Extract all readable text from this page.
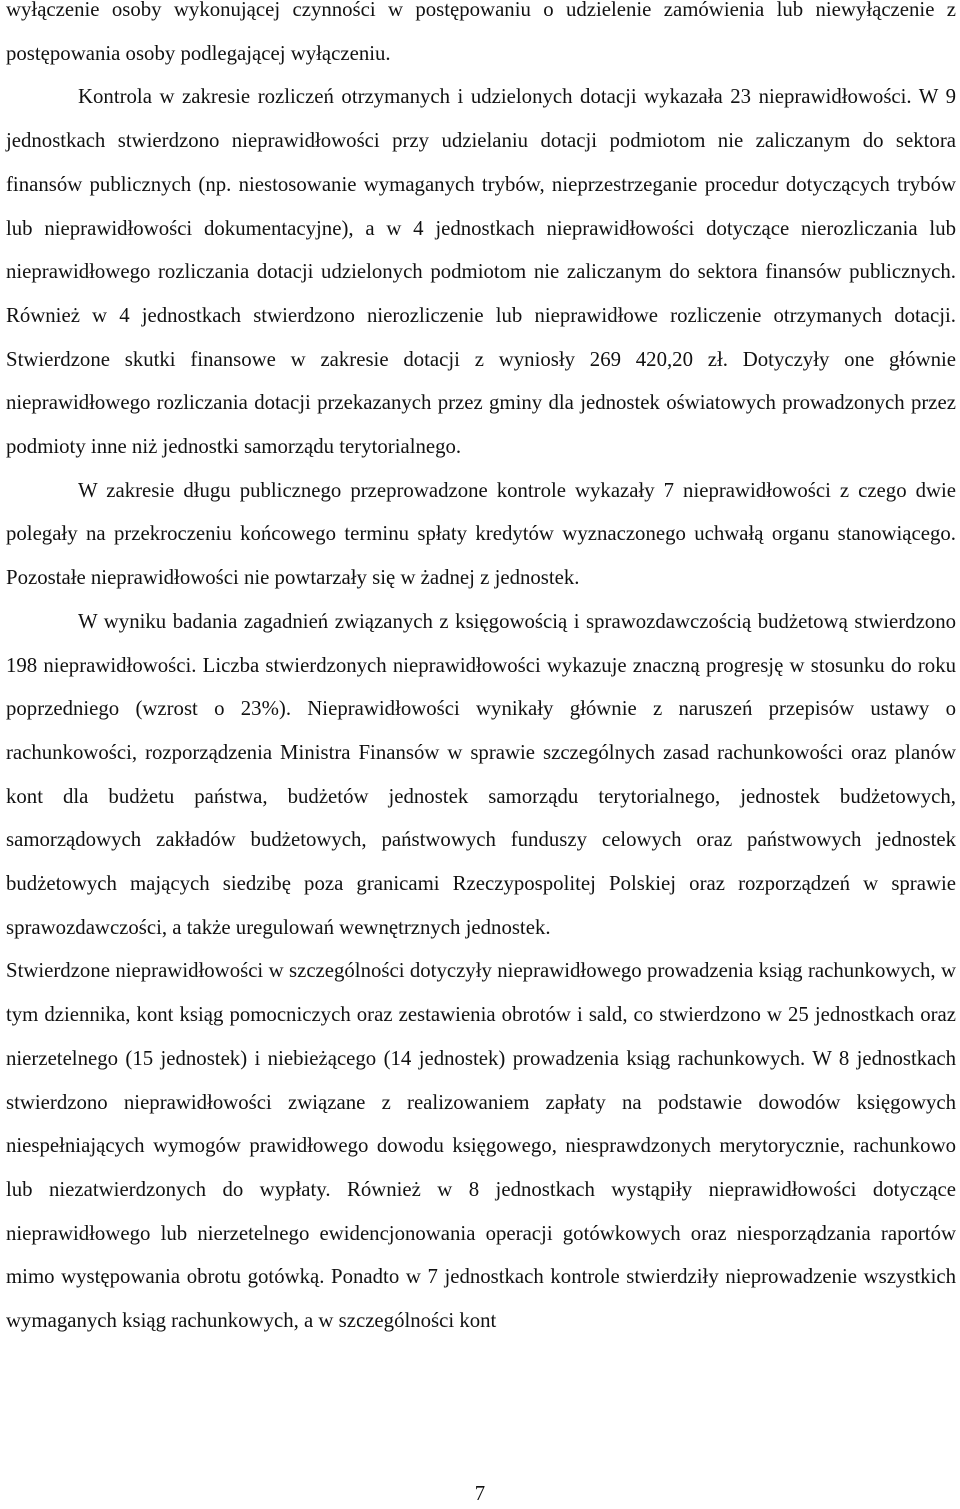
wyłączenie osoby wykonującej czynności w postępowaniu o udzielenie zamówienia lub niewyłączenie z postępowania osoby podlegającej wyłączeniu.

Kontrola w zakresie rozliczeń otrzymanych i udzielonych dotacji wykazała 23 nieprawidłowości. W 9 jednostkach stwierdzono nieprawidłowości przy udzielaniu dotacji podmiotom nie zaliczanym do sektora finansów publicznych (np. niestosowanie wymaganych trybów, nieprzestrzeganie procedur dotyczących trybów lub nieprawidłowości dokumentacyjne), a w 4 jednostkach nieprawidłowości dotyczące nierozliczania lub nieprawidłowego rozliczania dotacji udzielonych podmiotom nie zaliczanym do sektora finansów publicznych. Również w 4 jednostkach stwierdzono nierozliczenie lub nieprawidłowe rozliczenie otrzymanych dotacji. Stwierdzone skutki finansowe w zakresie dotacji z wyniosły 269 420,20 zł. Dotyczyły one głównie nieprawidłowego rozliczania dotacji przekazanych przez gminy dla jednostek oświatowych prowadzonych przez podmioty inne niż jednostki samorządu terytorialnego.

W zakresie długu publicznego przeprowadzone kontrole wykazały 7 nieprawidłowości z czego dwie polegały na przekroczeniu końcowego terminu spłaty kredytów wyznaczonego uchwałą organu stanowiącego. Pozostałe nieprawidłowości nie powtarzały się w żadnej z jednostek.

W wyniku badania zagadnień związanych z księgowością i sprawozdawczością budżetową stwierdzono 198 nieprawidłowości. Liczba stwierdzonych nieprawidłowości wykazuje znaczną progresję w stosunku do roku poprzedniego (wzrost o 23%). Nieprawidłowości wynikały głównie z naruszeń przepisów ustawy o rachunkowości, rozporządzenia Ministra Finansów w sprawie szczególnych zasad rachunkowości oraz planów kont dla budżetu państwa, budżetów jednostek samorządu terytorialnego, jednostek budżetowych, samorządowych zakładów budżetowych, państwowych funduszy celowych oraz państwowych jednostek budżetowych mających siedzibę poza granicami Rzeczypospolitej Polskiej oraz rozporządzeń w sprawie sprawozdawczości, a także uregulowań wewnętrznych jednostek.

Stwierdzone nieprawidłowości w szczególności dotyczyły nieprawidłowego prowadzenia ksiąg rachunkowych, w tym dziennika, kont ksiąg pomocniczych oraz zestawienia obrotów i sald, co stwierdzono w 25 jednostkach oraz nierzetelnego (15 jednostek) i niebieżącego (14 jednostek) prowadzenia ksiąg rachunkowych. W 8 jednostkach stwierdzono nieprawidłowości związane z realizowaniem zapłaty na podstawie dowodów księgowych niespełniających wymogów prawidłowego dowodu księgowego, niesprawdzonych merytorycznie, rachunkowo lub niezatwierdzonych do wypłaty. Również w 8 jednostkach wystąpiły nieprawidłowości dotyczące nieprawidłowego lub nierzetelnego ewidencjonowania operacji gotówkowych oraz niesporządzania raportów mimo występowania obrotu gotówką. Ponadto w 7 jednostkach kontrole stwierdziły nieprowadzenie wszystkich wymaganych ksiąg rachunkowych, a w szczególności kont

7
